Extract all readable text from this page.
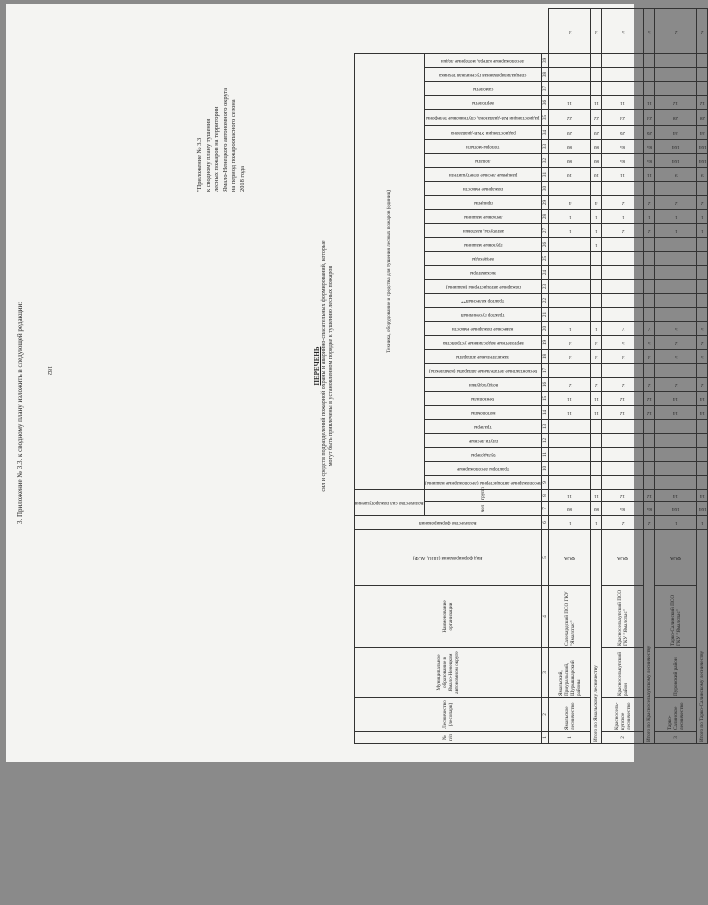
3. Приложение № 3.3. к сводному плану изложить в следующей редакции:	182
"Приложение № 3.3 к сводному плану тушения лесных пожаров на территории Ямало-Ненецкого автономного округа на период пожароопасного сезона 2018 года
ПЕРЕЧЕНЬ сил и средств подразделений пожарной охраны и аварийно-спасательных формирований, которые могут быть привлечены в установленном порядке к тушению лесных пожаров
№ п/п	Лесничество (лесопарк)	Муниципальное образование в Ямало-Ненецком автономном округе	Наименование организации	Вид формирования (ППО, АСФ)	Количество формирований	Количество сил пожаротушения		Техника, оборудование и средства для тушения лесных пожаров (единиц)																															
						чел	групп	лесопожарные автоцистерны (лесопожарные машины)	тракторы лесопожарные	бульдозеры	плуги лесные	тралеры	мотопомпы	бензопилы	воздуходувки	бесконтактные летательные аппараты (комплексы)	зажигательные аппараты	вертолетные водосливные устройства	навесные пожарные емкости	трактор гусеничный	трактор колесный**	пожарные автоцистерны (машины)	экскаваторы	вездеходы	грузовые машины	автобусы, вахтовки	легковые машины	прицепы	пожарные емкости	ранцевые лесные огнетушители	лопаты	топоры-мотыги	радиостанции УКВ-диапазона	радиостанции КВ-диапазона, спутниковые телефоны	вертолеты	самолеты	специализированная гусеничная техника	лесопожарные катера, моторные лодки	

1	2	3	4	5	6	7	8	9	10	11	12	13	14	15	16	17	18	19	20	21	22	23	24	25	26	27	28	29	30	31	32	33	34	35	36	37	38	39	
1	Ямальское лесничество	Ямальский, Приуральский, Шурышкарский районы	Салехардский ПСО ГКУ "Ямалспас"	ФОА	1	80	11						11	11	2		3	3	1							1	1	4		10	80	80	20	22	11				3

Итого по Ямальскому лесничеству					1	80	11						11	11	2		3	3	1						1	1	1	4		10	80	80	20	22	11				3

2	Красносель-купское лесничество	Красноселькупский район	Красносельхупский ПСО ГКУ "Ямалспас"	ФОА	2	85	12						12	12	2		3	5	7							2	1	2		11	85	85	26	23	11				5

Итого по Красносельхупскому лесничеству					2	85	12						12	12	2		3	5	7							2	1	2		11	85	85	26	23	11				5

3	Тарко-Салинское лесничество	Пуровский район	Тарко-Салинский ПСО ГКУ "Ямалспас"	ФОА	1	104	14						14	14	2		5	2	5							1	1	2		9	104	104	34	28	12				2

Итого по Тарко-Салинскому лесничеству					1	104	14						14	14	2		5	2	5							1	1	2		9	104	104	34	28	12				2
